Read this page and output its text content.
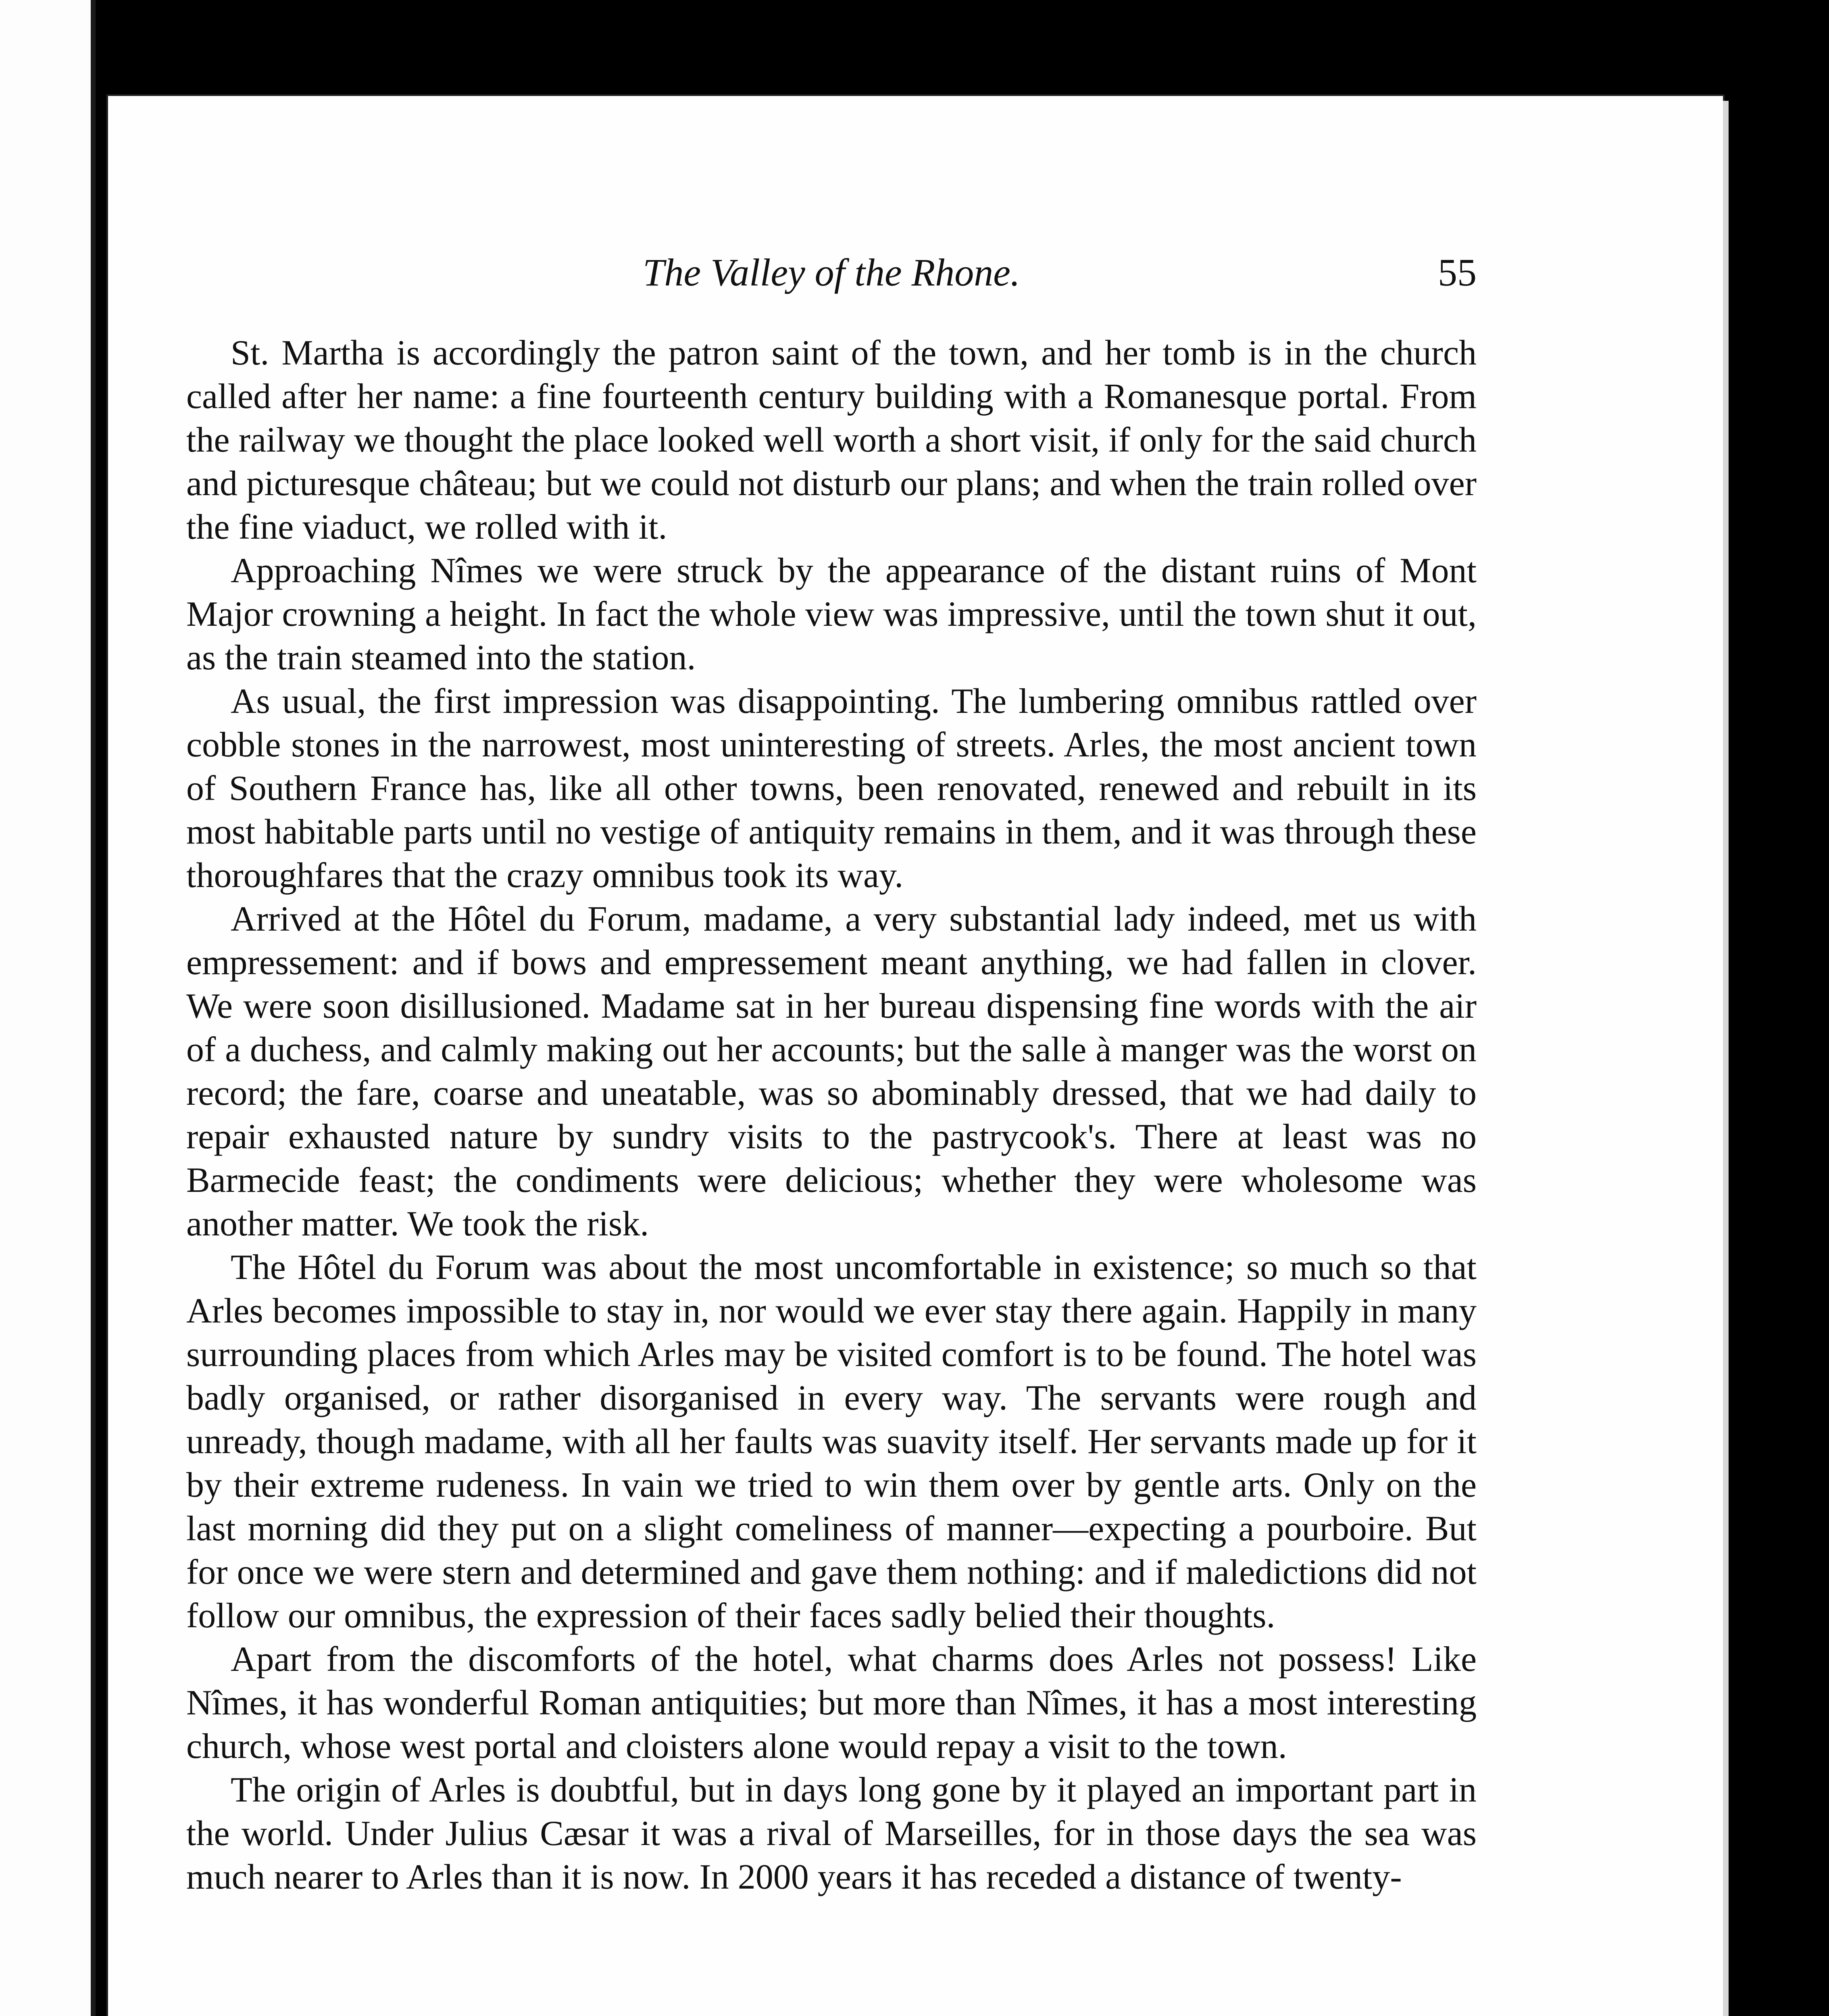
The Valley of the Rhone.	55

St. Martha is accordingly the patron saint of the town, and her tomb is in the church called after her name: a fine fourteenth century building with a Romanesque portal. From the railway we thought the place looked well worth a short visit, if only for the said church and picturesque château; but we could not disturb our plans; and when the train rolled over the fine viaduct, we rolled with it.

Approaching Nîmes we were struck by the appearance of the distant ruins of Mont Major crowning a height. In fact the whole view was impressive, until the town shut it out, as the train steamed into the station.

As usual, the first impression was disappointing. The lumbering omnibus rattled over cobble stones in the narrowest, most uninteresting of streets. Arles, the most ancient town of Southern France has, like all other towns, been renovated, renewed and rebuilt in its most habitable parts until no vestige of antiquity remains in them, and it was through these thoroughfares that the crazy omnibus took its way.

Arrived at the Hôtel du Forum, madame, a very substantial lady indeed, met us with empressement: and if bows and empressement meant anything, we had fallen in clover. We were soon disillusioned. Madame sat in her bureau dispensing fine words with the air of a duchess, and calmly making out her accounts; but the salle à manger was the worst on record; the fare, coarse and uneatable, was so abominably dressed, that we had daily to repair exhausted nature by sundry visits to the pastrycook's. There at least was no Barmecide feast; the condiments were delicious; whether they were wholesome was another matter. We took the risk.

The Hôtel du Forum was about the most uncomfortable in existence; so much so that Arles becomes impossible to stay in, nor would we ever stay there again. Happily in many surrounding places from which Arles may be visited comfort is to be found. The hotel was badly organised, or rather disorganised in every way. The servants were rough and unready, though madame, with all her faults was suavity itself. Her servants made up for it by their extreme rudeness. In vain we tried to win them over by gentle arts. Only on the last morning did they put on a slight comeliness of manner—expecting a pourboire. But for once we were stern and determined and gave them nothing: and if maledictions did not follow our omnibus, the expression of their faces sadly belied their thoughts.

Apart from the discomforts of the hotel, what charms does Arles not possess! Like Nîmes, it has wonderful Roman antiquities; but more than Nîmes, it has a most interesting church, whose west portal and cloisters alone would repay a visit to the town.

The origin of Arles is doubtful, but in days long gone by it played an important part in the world. Under Julius Cæsar it was a rival of Marseilles, for in those days the sea was much nearer to Arles than it is now. In 2000 years it has receded a distance of twenty-
